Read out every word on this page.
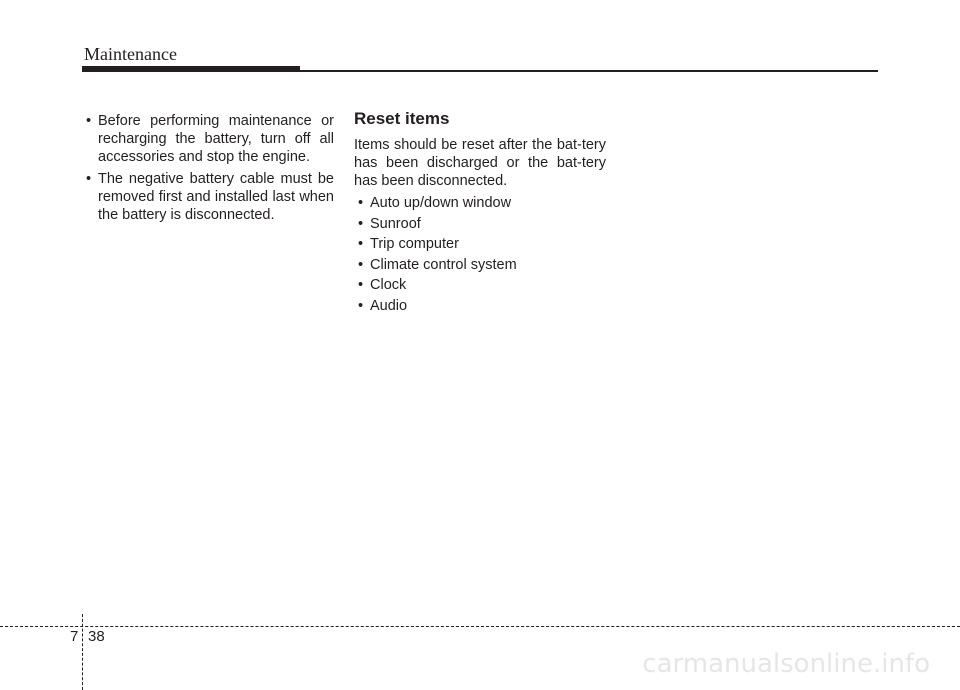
Maintenance
• Before performing maintenance or recharging the battery, turn off all accessories and stop the engine.
• The negative battery cable must be removed first and installed last when the battery is disconnected.
Reset items
Items should be reset after the bat-tery has been discharged or the bat-tery has been disconnected.
• Auto up/down window
• Sunroof
• Trip computer
• Climate control system
• Clock
• Audio
7 38
carmanualsonline.info
